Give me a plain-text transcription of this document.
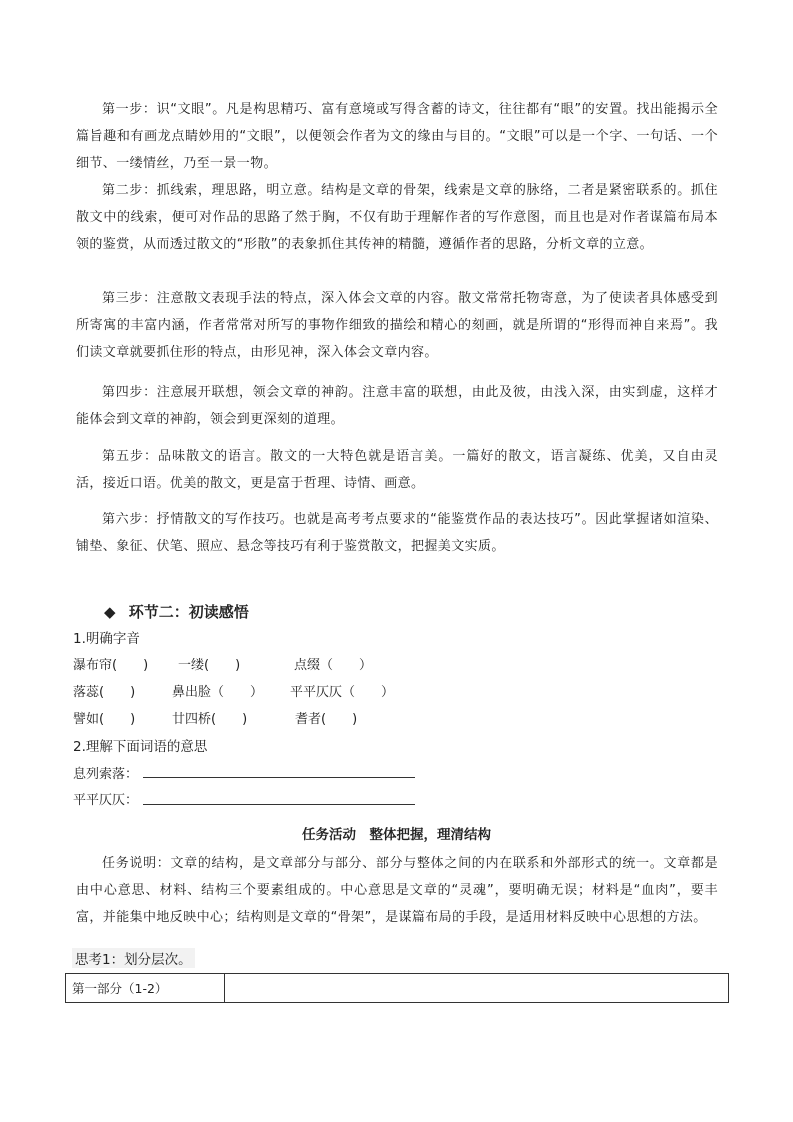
第一步：识“文眼”。凡是构思精巧、富有意境或写得含蓄的诗文，往往都有“眼”的安置。找出能揭示全篇旨趣和有画龙点睛妙用的“文眼”，以便领会作者为文的缘由与目的。“文眼”可以是一个字、一句话、一个细节、一缕情丝，乃至一景一物。

第二步：抓线索，理思路，明立意。结构是文章的骨架，线索是文章的脉络，二者是紧密联系的。抓住散文中的线索，便可对作品的思路了然于胸，不仅有助于理解作者的写作意图，而且也是对作者谋篇布局本领的鉴赏，从而透过散文的“形散”的表象抓住其传神的精髓，遵循作者的思路，分析文章的立意。

第三步：注意散文表现手法的特点，深入体会文章的内容。散文常常托物寄意，为了使读者具体感受到所寄寓的丰富内涵，作者常常对所写的事物作细致的描绘和精心的刻画，就是所谓的“形得而神自来焉”。我们读文章就要抓住形的特点，由形见神，深入体会文章内容。

第四步：注意展开联想，领会文章的神韵。注意丰富的联想，由此及彼，由浅入深，由实到虚，这样才能体会到文章的神韵，领会到更深刻的道理。

第五步：品味散文的语言。散文的一大特色就是语言美。一篇好的散文，语言凝练、优美，又自由灵活，接近口语。优美的散文，更是富于哲理、诗情、画意。

第六步：抒情散文的写作技巧。也就是高考考点要求的“能鉴赏作品的表达技巧”。因此掌握诸如渲染、铺垫、象征、伏笔、照应、悬念等技巧有利于鉴赏散文，把握美文实质。

◆ 环节二：初读感悟
1.明确字音
瀑布帘(　　) 一缕(　　)	点缀（　　）
落蕊(　　)	鼻出脸（　　） 平平仄仄（　　）
譬如(　　)	廿四桥(　　)	耆者(　　)
2.理解下面词语的意思
息列索落：
平平仄仄：
任务活动　整体把握，理清结构

任务说明：文章的结构，是文章部分与部分、部分与整体之间的内在联系和外部形式的统一。文章都是由中心意思、材料、结构三个要素组成的。中心意思是文章的“灵魂”，要明确无误；材料是“血肉”，要丰富，并能集中地反映中心；结构则是文章的“骨架”，是谋篇布局的手段，是适用材料反映中心思想的方法。

思考1：划分层次。
第一部分（1-2）	
